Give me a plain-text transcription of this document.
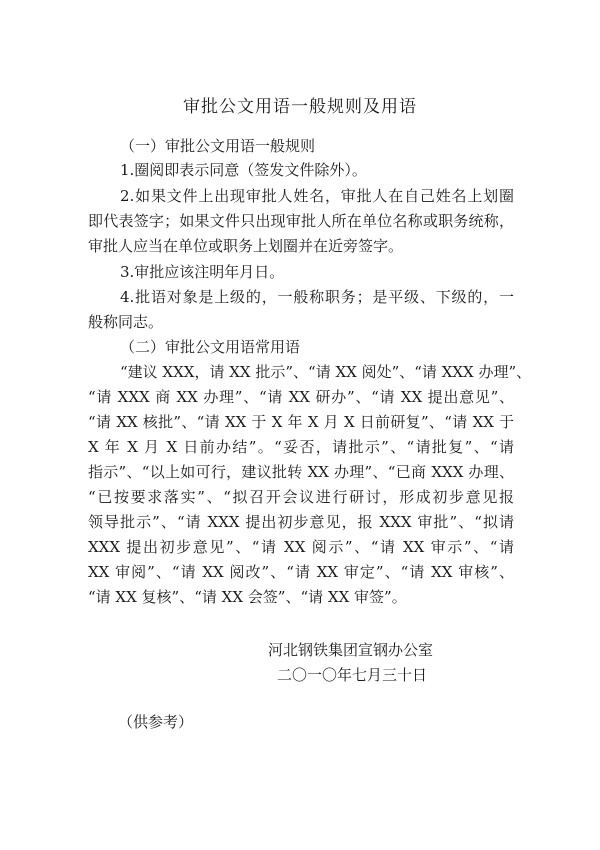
审批公文用语一般规则及用语
（一）审批公文用语一般规则
1.圈阅即表示同意（签发文件除外）。
2.如果文件上出现审批人姓名，审批人在自己姓名上划圈
即代表签字；如果文件只出现审批人所在单位名称或职务统称，
审批人应当在单位或职务上划圈并在近旁签字。
3.审批应该注明年月日。
4.批语对象是上级的，一般称职务；是平级、下级的，一
般称同志。
（二）审批公文用语常用语
“建议 XXX，请 XX 批示”、“请 XX 阅处”、“请 XXX 办理”、
“请 XXX 商 XX 办理”、“请 XX 研办”、“请 XX 提出意见”、
“请 XX 核批”、“请 XX 于 X 年 X 月 X 日前研复”、“请 XX 于
X 年 X 月 X 日前办结”。“妥否，请批示”、“请批复”、“请
指示”、“以上如可行，建议批转 XX 办理”、“已商 XXX 办理、
“已按要求落实”、“拟召开会议进行研讨，形成初步意见报
领导批示”、“请 XXX 提出初步意见，报 XXX 审批”、“拟请
XXX 提出初步意见”、“请 XX 阅示”、“请 XX 审示”、“请
XX 审阅”、“请 XX 阅改”、“请 XX 审定”、“请 XX 审核”、
“请 XX 复核”、“请 XX 会签”、“请 XX 审签”。
河北钢铁集团宣钢办公室
二〇一〇年七月三十日
（供参考）
